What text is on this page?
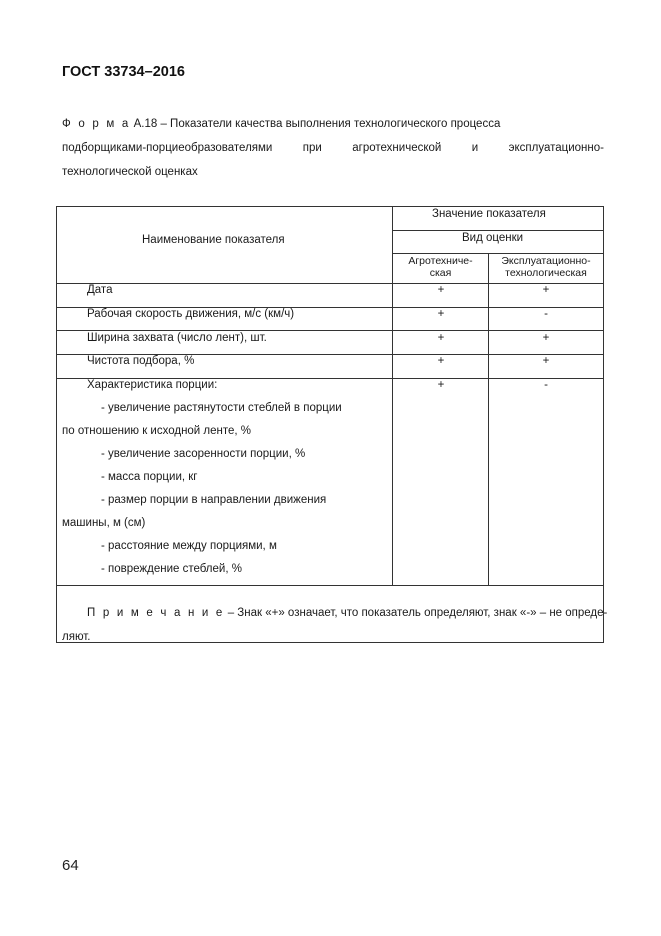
ГОСТ 33734–2016
Ф о р м а А.18 – Показатели качества выполнения технологического процесса
подборщиками-порциеобразователями	при	агротехнической	и	эксплуатационно-
технологической оценках
Наименование показателя
Значение показателя
Вид оценки
Агротехниче-
ская
Эксплуатационно-
технологическая
Дата	+	+
Рабочая скорость движения, м/с (км/ч)	+	-
Ширина захвата (число лент), шт.	+	+
Чистота подбора, %	+	+
Характеристика порции:	+	-
- увеличение растянутости стеблей в порции
по отношению к исходной ленте, %
- увеличение засоренности порции, %
- масса порции, кг
- размер порции в направлении движения
машины, м (см)
- расстояние между порциями, м
- повреждение стеблей, %
П р и м е ч а н и е – Знак «+» означает, что показатель определяют, знак «-» – не опреде-
ляют.
64
